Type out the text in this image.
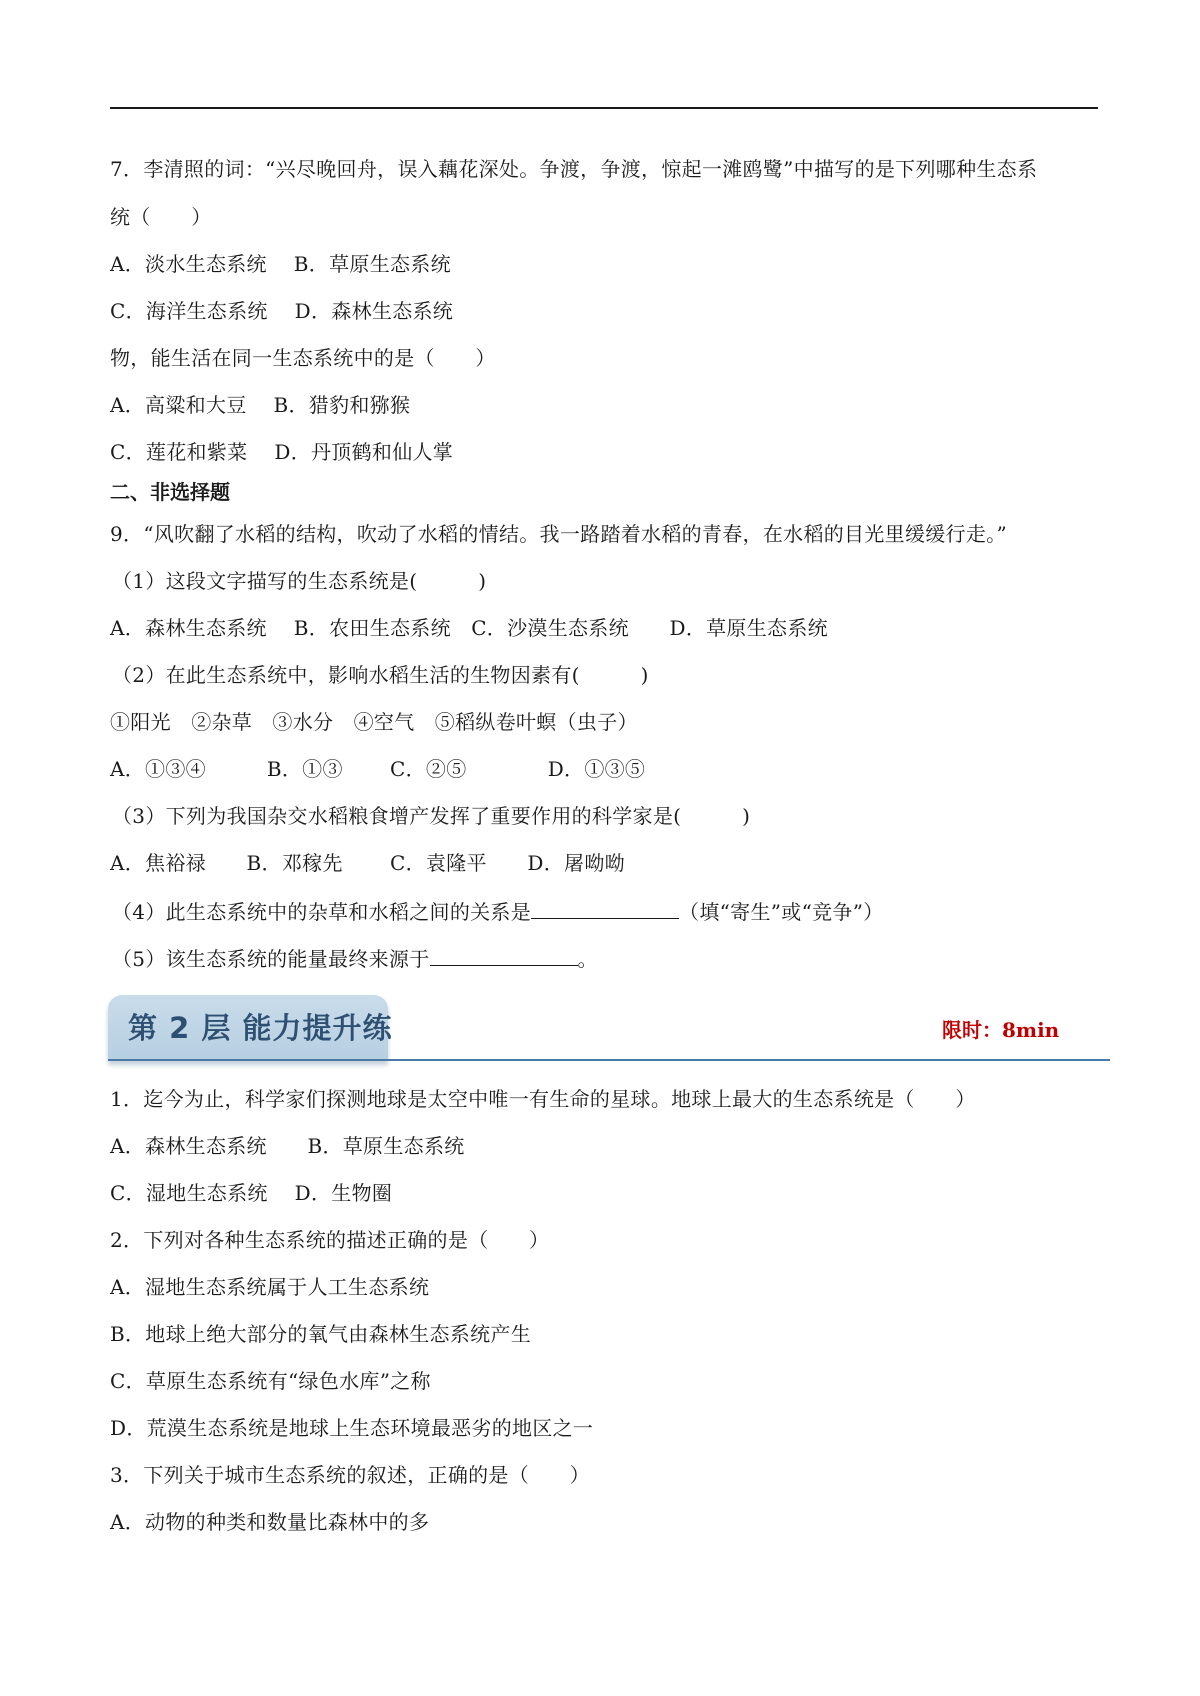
7．李清照的词：“兴尽晚回舟，误入藕花深处。争渡，争渡，惊起一滩鸥鹭”中描写的是下列哪种生态系
统（　　）
A．淡水生态系统　 B．草原生态系统
C．海洋生态系统　 D．森林生态系统
物，能生活在同一生态系统中的是（　　）
A．高粱和大豆　 B．猎豹和猕猴
C．莲花和紫菜　 D．丹顶鹤和仙人掌
二、非选择题
9．“风吹翻了水稻的结构，吹动了水稻的情结。我一路踏着水稻的青春，在水稻的目光里缓缓行走。”
（1）这段文字描写的生态系统是(　　　)
A．森林生态系统　 B．农田生态系统　C．沙漠生态系统　　D．草原生态系统
（2）在此生态系统中，影响水稻生活的生物因素有(　　　)
①阳光　②杂草　③水分　④空气　⑤稻纵卷叶螟（虫子）
A．①③④　　　B．①③　　 C．②⑤　　　　D．①③⑤
（3）下列为我国杂交水稻粮食增产发挥了重要作用的科学家是(　　　)
A．焦裕禄　　B．邓稼先　　 C．袁隆平　　D．屠呦呦
（4）此生态系统中的杂草和水稻之间的关系是	（填“寄生”或“竞争”）
（5）该生态系统的能量最终来源于	。
第 2 层 能力提升练	限时：8min
1．迄今为止，科学家们探测地球是太空中唯一有生命的星球。地球上最大的生态系统是（　　）
A．森林生态系统　　B．草原生态系统
C．湿地生态系统　 D．生物圈
2．下列对各种生态系统的描述正确的是（　　）
A．湿地生态系统属于人工生态系统
B．地球上绝大部分的氧气由森林生态系统产生
C．草原生态系统有“绿色水库”之称
D．荒漠生态系统是地球上生态环境最恶劣的地区之一
3．下列关于城市生态系统的叙述，正确的是（　　）
A．动物的种类和数量比森林中的多
